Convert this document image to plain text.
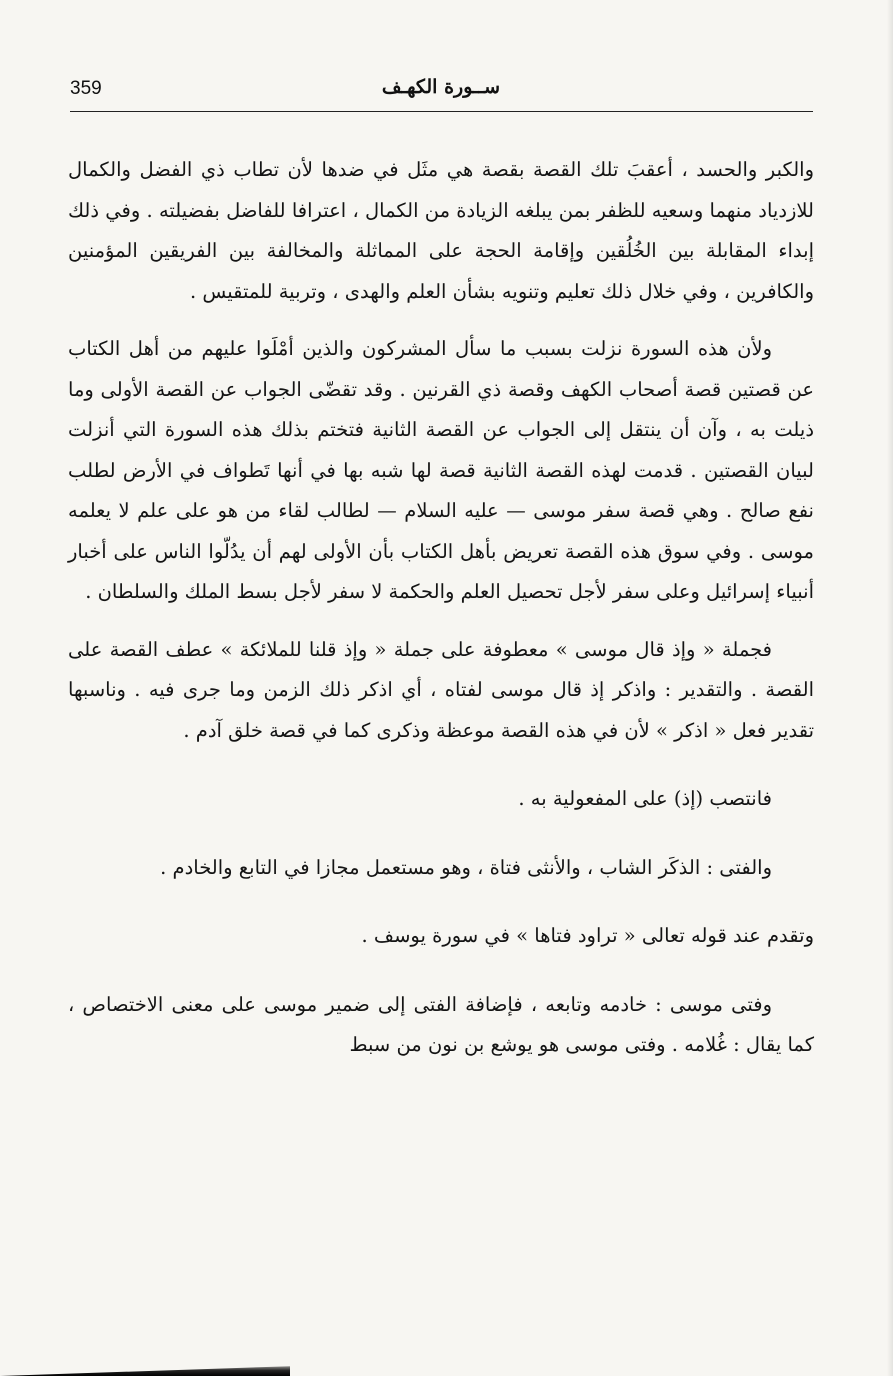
359	ســورة الكهـف

والكبر والحسد ، أعقبَ تلك القصة بقصة هي مثَل في ضدها لأن تطاب ذي الفضل والكمال للازدياد منهما وسعيه للظفر بمن يبلغه الزيادة من الكمال ، اعترافا للفاضل بفضيلته . وفي ذلك إبداء المقابلة بين الخُلُقين وإقامة الحجة على المماثلة والمخالفة بين الفريقين المؤمنين والكافرين ، وفي خلال ذلك تعليم وتنويه بشأن العلم والهدى ، وتربية للمتقيس .

ولأن هذه السورة نزلت بسبب ما سأل المشركون والذين أمْلَوا عليهم من أهل الكتاب عن قصتين قصة أصحاب الكهف وقصة ذي القرنين . وقد تقضّى الجواب عن القصة الأولى وما ذيلت به ، وآن أن ينتقل إلى الجواب عن القصة الثانية فتختم بذلك هذه السورة التي أنزلت لبيان القصتين . قدمت لهذه القصة الثانية قصة لها شبه بها في أنها تَطواف في الأرض لطلب نفع صالح . وهي قصة سفر موسى — عليه السلام — لطالب لقاء من هو على علم لا يعلمه موسى . وفي سوق هذه القصة تعريض بأهل الكتاب بأن الأولى لهم أن يدُلّوا الناس على أخبار أنبياء إسرائيل وعلى سفر لأجل تحصيل العلم والحكمة لا سفر لأجل بسط الملك والسلطان .

فجملة « وإذ قال موسى » معطوفة على جملة « وإذ قلنا للملائكة » عطف القصة على القصة . والتقدير : واذكر إذ قال موسى لفتاه ، أي اذكر ذلك الزمن وما جرى فيه . وناسبها تقدير فعل « اذكر » لأن في هذه القصة موعظة وذكرى كما في قصة خلق آدم .

فانتصب (إذ) على المفعولية به .

والفتى : الذكَر الشاب ، والأنثى فتاة ، وهو مستعمل مجازا في التابع والخادم .

وتقدم عند قوله تعالى « تراود فتاها » في سورة يوسف .

وفتى موسى : خادمه وتابعه ، فإضافة الفتى إلى ضمير موسى على معنى الاختصاص ، كما يقال : غُلامه . وفتى موسى هو يوشع بن نون من سبط
